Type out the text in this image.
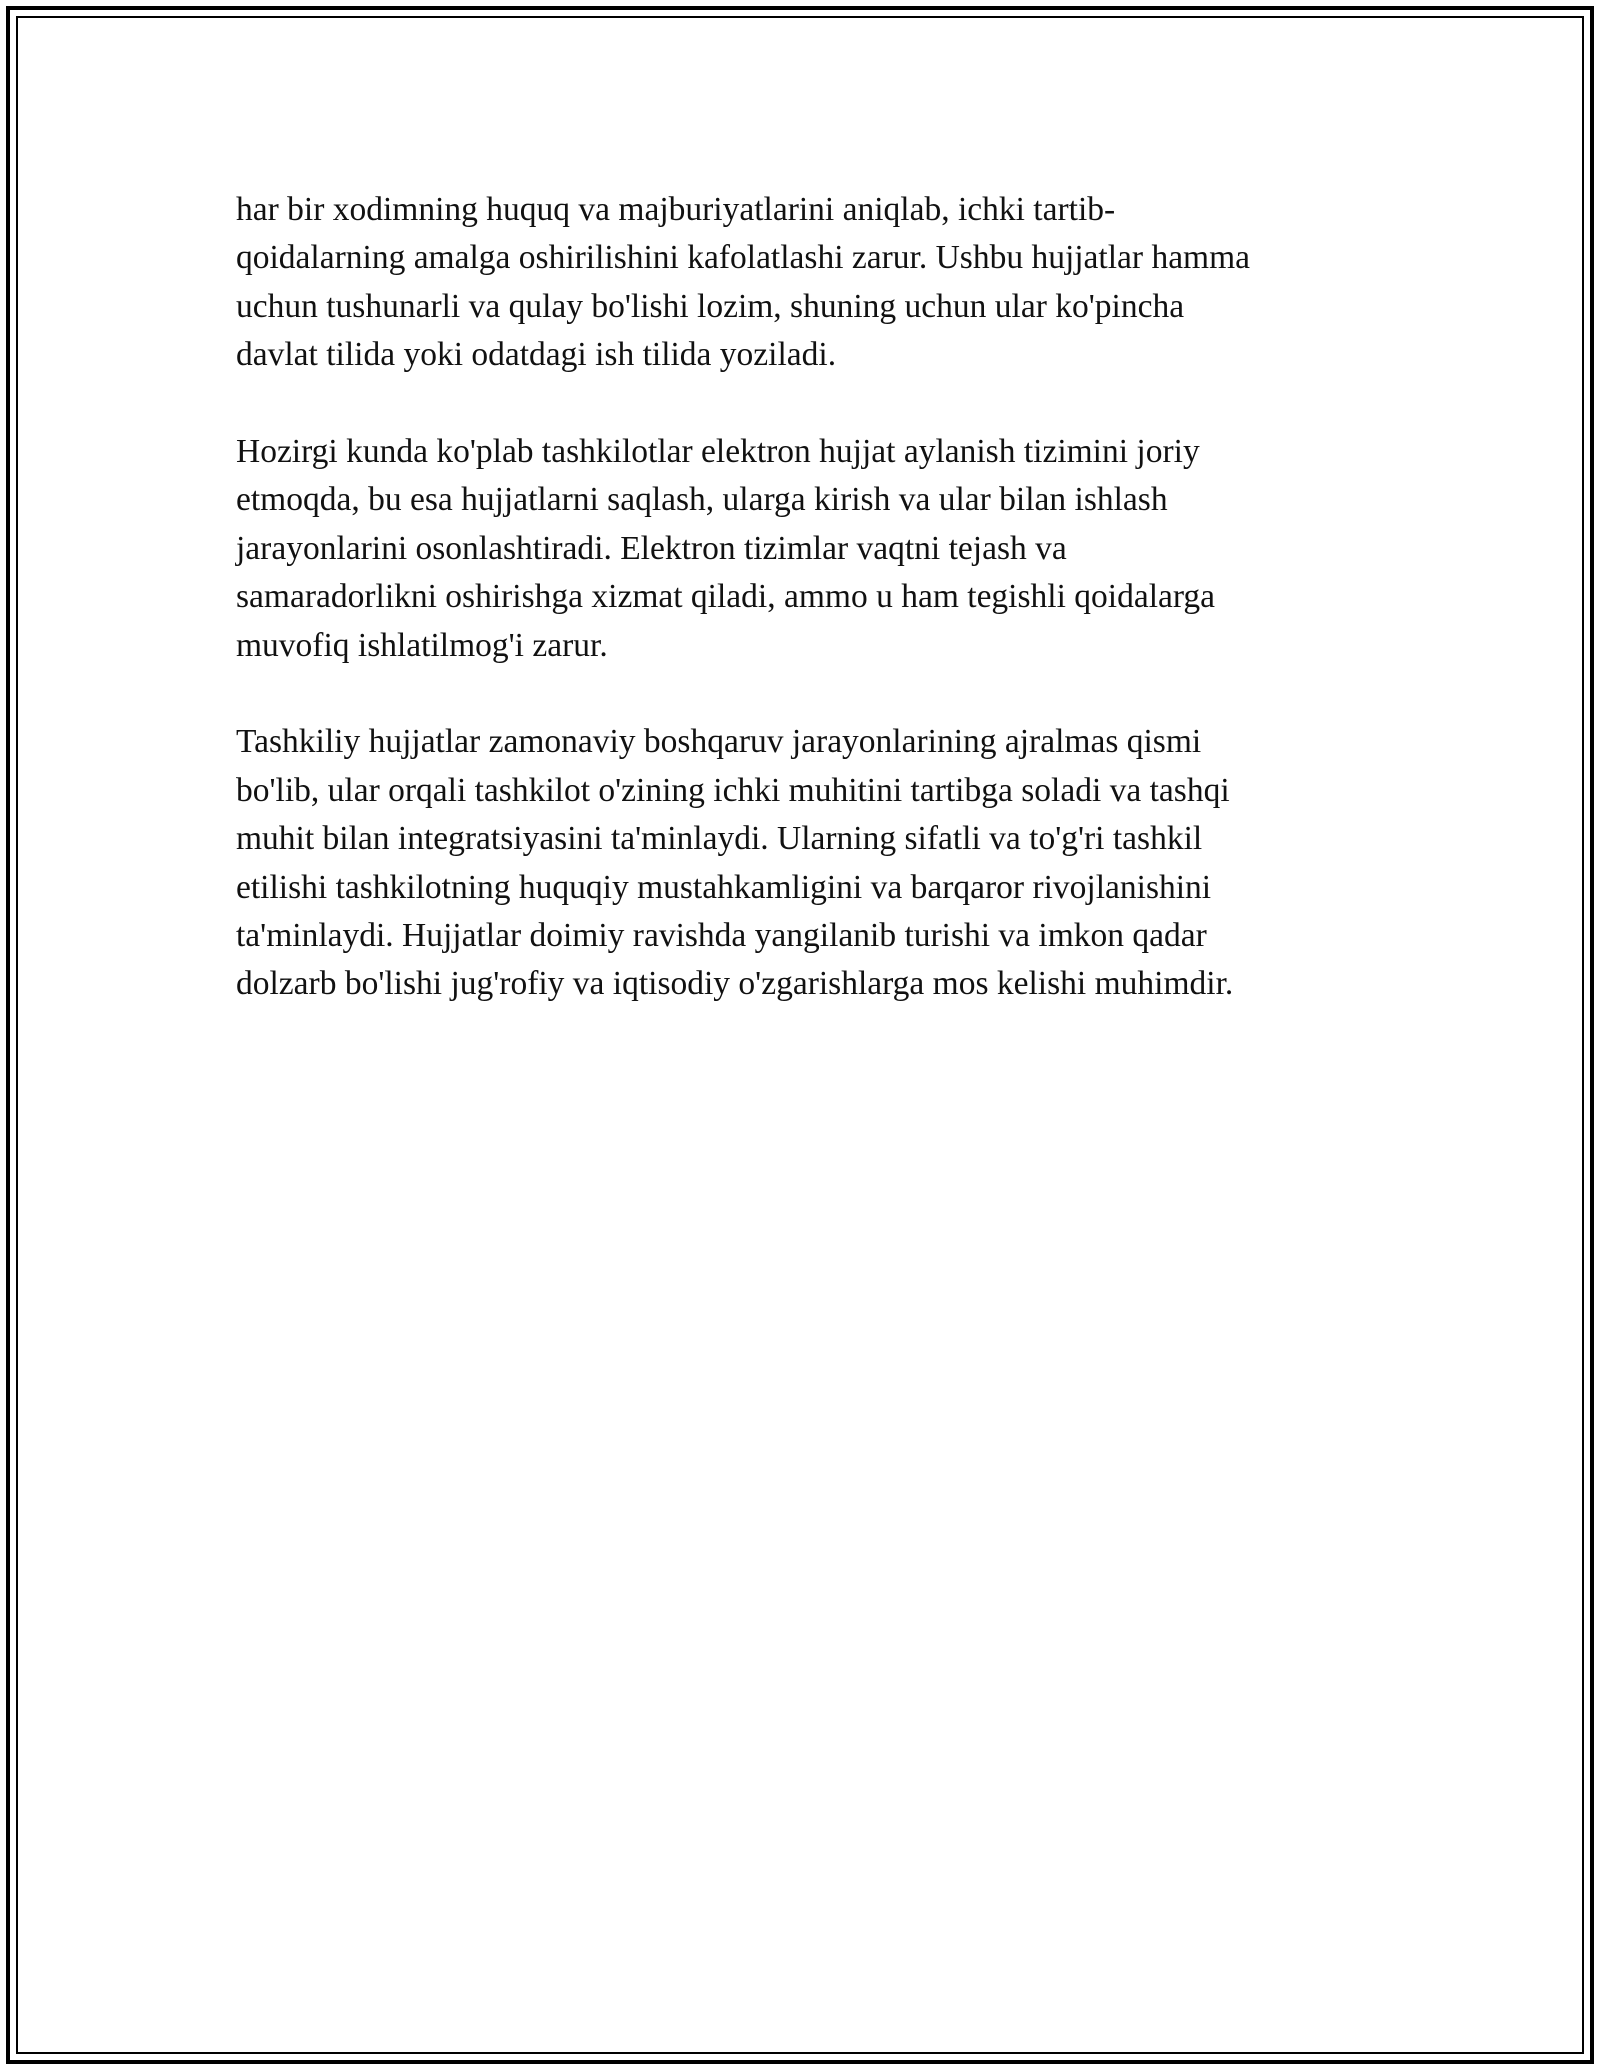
har bir xodimning huquq va majburiyatlarini aniqlab, ichki tartib-
qoidalarning amalga oshirilishini kafolatlashi zarur. Ushbu hujjatlar hamma
uchun tushunarli va qulay bo'lishi lozim, shuning uchun ular ko'pincha
davlat tilida yoki odatdagi ish tilida yoziladi.

Hozirgi kunda ko'plab tashkilotlar elektron hujjat aylanish tizimini joriy
etmoqda, bu esa hujjatlarni saqlash, ularga kirish va ular bilan ishlash
jarayonlarini osonlashtiradi. Elektron tizimlar vaqtni tejash va
samaradorlikni oshirishga xizmat qiladi, ammo u ham tegishli qoidalarga
muvofiq ishlatilmog'i zarur.

Tashkiliy hujjatlar zamonaviy boshqaruv jarayonlarining ajralmas qismi
bo'lib, ular orqali tashkilot o'zining ichki muhitini tartibga soladi va tashqi
muhit bilan integratsiyasini ta'minlaydi. Ularning sifatli va to'g'ri tashkil
etilishi tashkilotning huquqiy mustahkamligini va barqaror rivojlanishini
ta'minlaydi. Hujjatlar doimiy ravishda yangilanib turishi va imkon qadar
dolzarb bo'lishi jug'rofiy va iqtisodiy o'zgarishlarga mos kelishi muhimdir.
